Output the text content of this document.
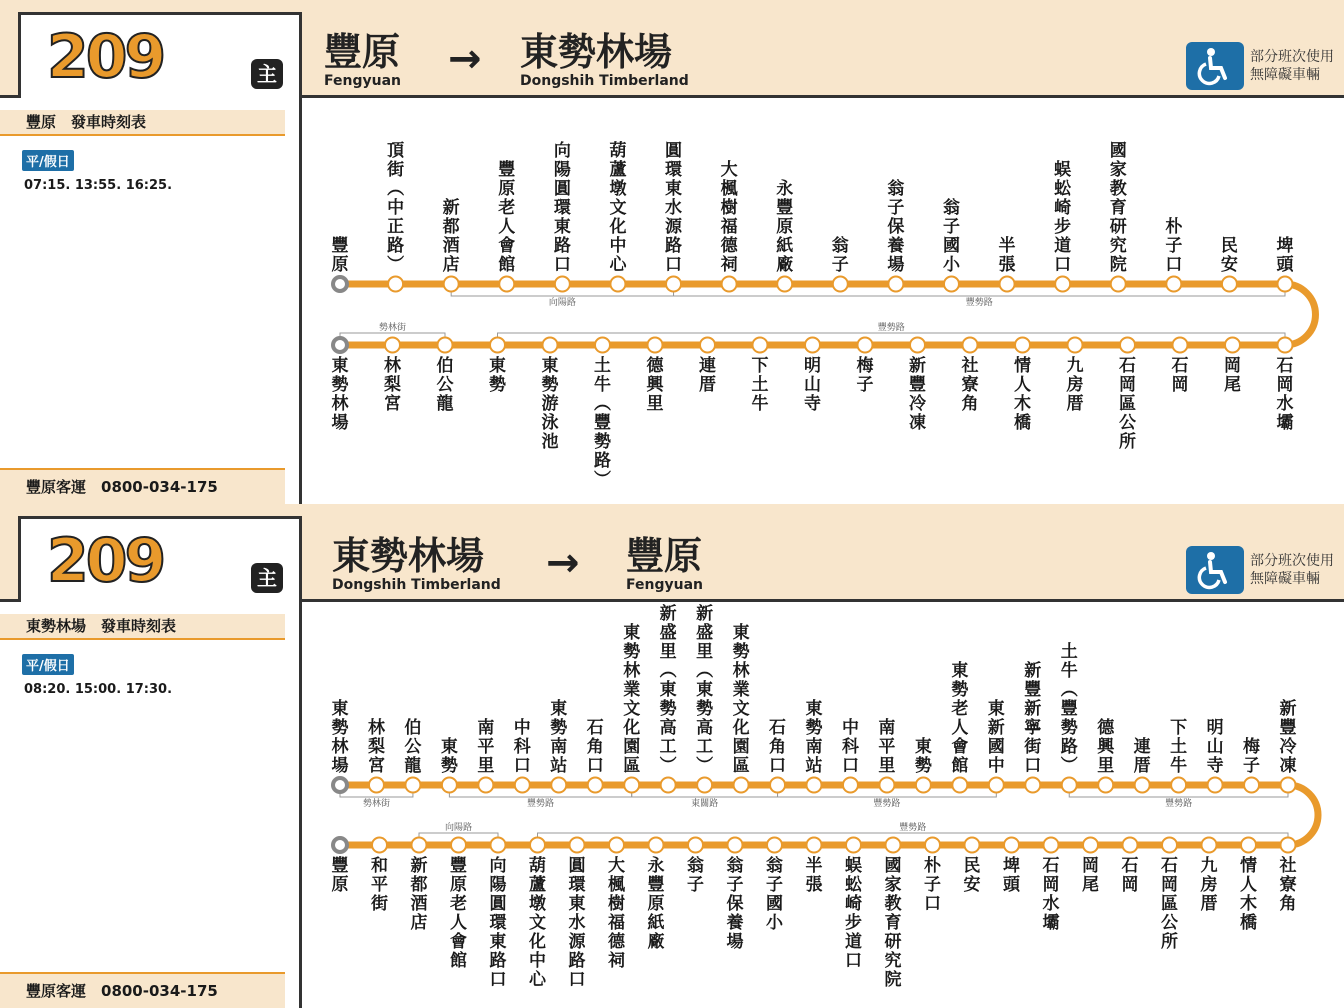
209	主 豐原
Fengyuan → 東勢林場
Dongshih Timberland
部分班次使用
無障礙車輛
豐原　發車時刻表
平/假日
07:15. 13:55. 16:25.
豐原客運　0800-034-175
向陽路	豐勢路
勢林街	豐勢路
豐
原
頂
街
︵
中
正
路
︶
新
都
酒
店
豐
原
老
人
會
館
向
陽
圓
環
東
路
口
葫
蘆
墩
文
化
中
心
圓
環
東
水
源
路
口
大
楓
樹
福
德
祠
永
豐
原
紙
廠
翁
子
翁
子
保
養
場
翁
子
國
小
半
張
蜈
蚣
崎
步
道
口
國
家
教
育
研
究
院
朴
子
口
民
安
埤
頭
東
勢
林
場
林
梨
宮
伯
公
龍
東
勢
東
勢
游
泳
池
土
牛
︵
豐
勢
路
︶
德
興
里
連
厝
下
土
牛
明
山
寺
梅
子
新
豐
冷
凍
社
寮
角
情
人
木
橋
九
房
厝
石
岡
區
公
所
石
岡
岡
尾
石
岡
水
壩
209	主 東勢林場
Dongshih Timberland → 豐原
Fengyuan
部分班次使用
無障礙車輛
東勢林場　發車時刻表
平/假日
08:20. 15:00. 17:30.
豐原客運　0800-034-175
勢林街	豐勢路	東關路	豐勢路	豐勢路
向陽路	豐勢路
東
勢
林
場
林
梨
宮
伯
公
龍
東
勢
南
平
里
中
科
口
東
勢
南
站
石
角
口
東
勢
林
業
文
化
園
區
新
盛
里
︵
東
勢
高
工
︶
新
盛
里
︵
東
勢
高
工
︶
東
勢
林
業
文
化
園
區
石
角
口
東
勢
南
站
中
科
口
南
平
里
東
勢
東
勢
老
人
會
館
東
新
國
中
新
豐
新
寧
街
口
土
牛
︵
豐
勢
路
︶
德
興
里
連
厝
下
土
牛
明
山
寺
梅
子
新
豐
冷
凍
豐
原
和
平
街
新
都
酒
店
豐
原
老
人
會
館
向
陽
圓
環
東
路
口
葫
蘆
墩
文
化
中
心
圓
環
東
水
源
路
口
大
楓
樹
福
德
祠
永
豐
原
紙
廠
翁
子
翁
子
保
養
場
翁
子
國
小
半
張
蜈
蚣
崎
步
道
口
國
家
教
育
研
究
院
朴
子
口
民
安
埤
頭
石
岡
水
壩
岡
尾
石
岡
石
岡
區
公
所
九
房
厝
情
人
木
橋
社
寮
角
